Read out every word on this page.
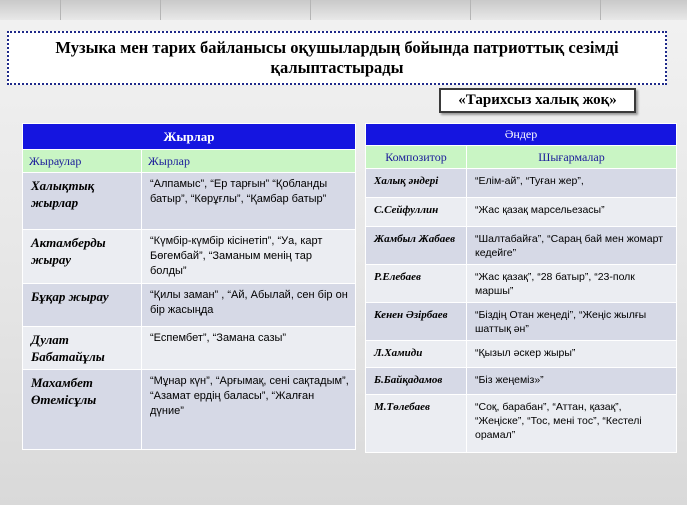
Музыка мен тарих байланысы оқушылардың бойында патриоттық сезімді қалыптастырады
«Тарихсыз халық жоқ»
Жырлар	
Жыраулар	Жырлар
Халықтық жырлар	“Алпамыс”, “Ер тарғын” “Қобланды батыр”, “Көрұғлы”, “Қамбар батыр”
Актамберды жырау	“Күмбір-күмбір кісінетіп”, “Уа, карт Бөгембай”, “Заманым менің тар болды”
Бұқар жырау	“Қилы заман” , “Ай, Абылай, сен бір он бір жасыңда
Дулат Бабатайұлы	“Еспембет”, “Замана сазы”
Махамбет Өтемісұлы	“Мұнар күн”, “Арғымақ, сені сақтадым”, “Азамат ердің баласы”, “Жалған дүние”
Әндер	
Композитор	Шығармалар
Халық әндері	“Елім-ай”, “Туған жер”,
С.Сейфуллин	“Жас қазақ марсельезасы”
Жамбыл Жабаев	“Шалтабайға”, “Сараң бай мен жомарт кедейге”
Р.Елебаев	“Жас қазақ”, “28 батыр”, “23-полк маршы”
Кенен Әзірбаев	“Біздің Отан жеңеді”, “Жеңіс жылғы шаттық ән”
Л.Хамиди	“Қызыл әскер жыры”
Б.Байқадамов	“Біз жеңеміз»”
М.Төлебаев	“Соқ, барабан”, “Аттан, қазақ”, “Жеңіске”, “Тос, мені тос”, “Кестелі орамал”
